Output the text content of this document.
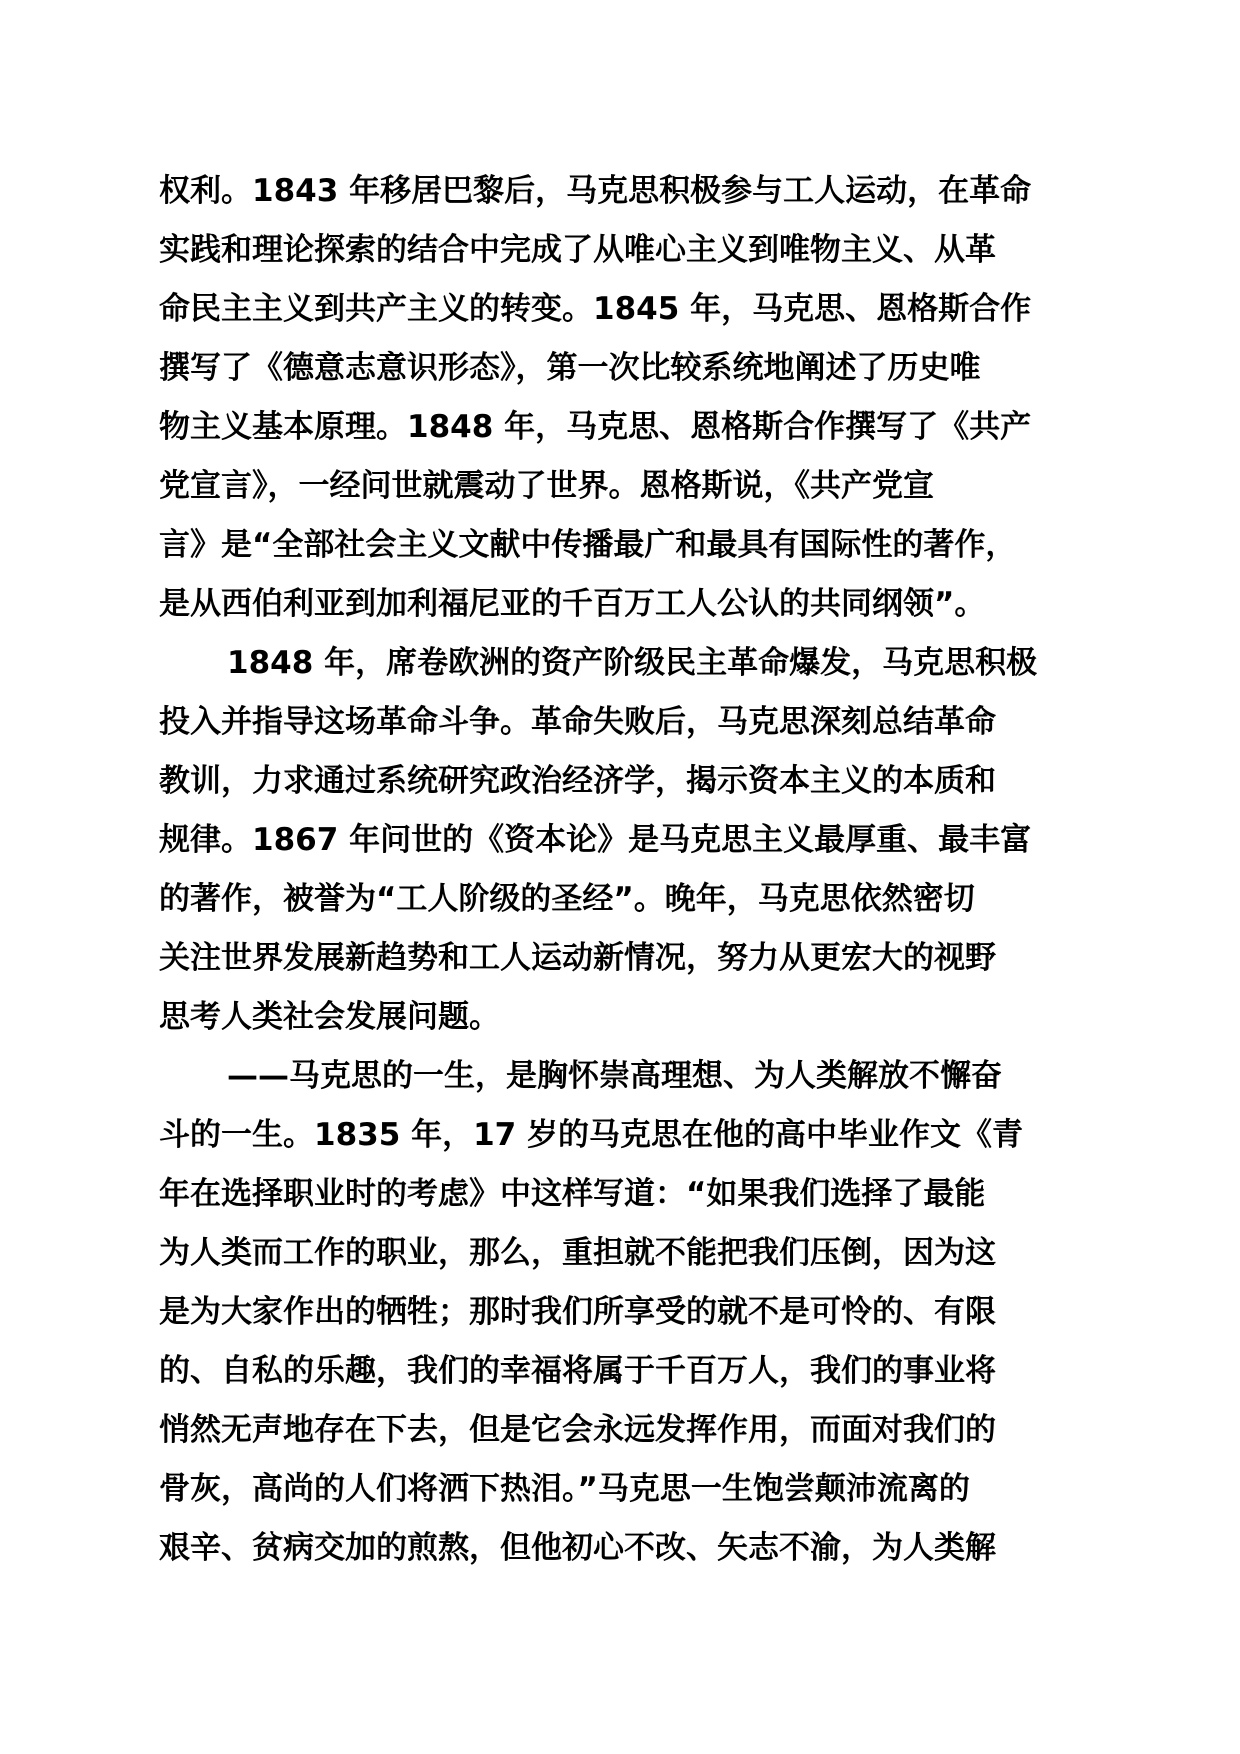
权利。1843 年移居巴黎后，马克思积极参与工人运动，在革命
实践和理论探索的结合中完成了从唯心主义到唯物主义、从革
命民主主义到共产主义的转变。1845 年，马克思、恩格斯合作
撰写了《德意志意识形态》，第一次比较系统地阐述了历史唯
物主义基本原理。1848 年，马克思、恩格斯合作撰写了《共产
党宣言》，一经问世就震动了世界。恩格斯说，《共产党宣
言》是“全部社会主义文献中传播最广和最具有国际性的著作，
是从西伯利亚到加利福尼亚的千百万工人公认的共同纲领”。
1848 年，席卷欧洲的资产阶级民主革命爆发，马克思积极
投入并指导这场革命斗争。革命失败后，马克思深刻总结革命
教训，力求通过系统研究政治经济学，揭示资本主义的本质和
规律。1867 年问世的《资本论》是马克思主义最厚重、最丰富
的著作，被誉为“工人阶级的圣经”。晚年，马克思依然密切
关注世界发展新趋势和工人运动新情况，努力从更宏大的视野
思考人类社会发展问题。
——马克思的一生，是胸怀崇高理想、为人类解放不懈奋
斗的一生。1835 年，17 岁的马克思在他的高中毕业作文《青
年在选择职业时的考虑》中这样写道：“如果我们选择了最能
为人类而工作的职业，那么，重担就不能把我们压倒，因为这
是为大家作出的牺牲；那时我们所享受的就不是可怜的、有限
的、自私的乐趣，我们的幸福将属于千百万人，我们的事业将
悄然无声地存在下去，但是它会永远发挥作用，而面对我们的
骨灰，高尚的人们将洒下热泪。”马克思一生饱尝颠沛流离的
艰辛、贫病交加的煎熬，但他初心不改、矢志不渝，为人类解
